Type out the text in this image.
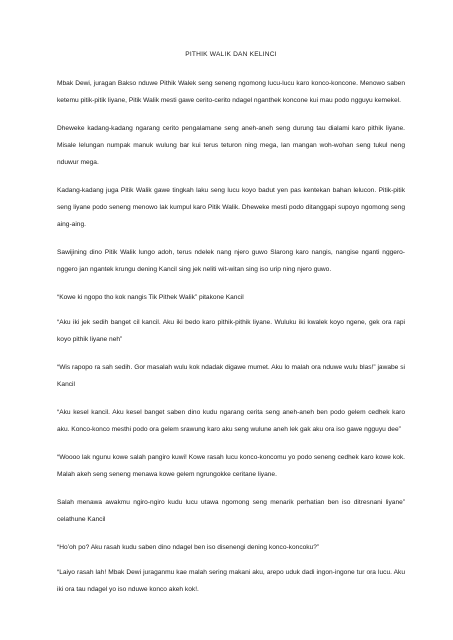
PITHIK WALIK DAN KELINCI

Mbak Dewi, juragan Bakso nduwe Pithik Walek seng seneng ngomong lucu-lucu karo konco-koncone. Menowo saben ketemu pitik-pitik liyane, Pitik Walik mesti gawe cerito-cerito ndagel nganthek koncone kui mau podo ngguyu kemekel.

Dheweke kadang-kadang ngarang cerito pengalamane seng aneh-aneh seng durung tau dialami karo pithik liyane. Misale lelungan numpak manuk wulung bar kui terus teturon ning mega, lan mangan woh-wohan seng tukul neng nduwur mega.

Kadang-kadang juga Pitik Walik gawe tingkah laku seng lucu koyo badut yen pas kentekan bahan lelucon. Pitik-pitik seng liyane podo seneng menowo lak kumpul karo Pitik Walik. Dheweke mesti podo ditanggapi supoyo ngomong seng aing-aing.

Sawijining dino Pitik Walik lungo adoh, terus ndelek nang njero guwo Slarong karo nangis, nangise nganti nggero-nggero jan ngantek krungu dening Kancil sing jek neliti wit-witan sing iso urip ning njero guwo.

“Kowe ki ngopo tho kok nangis Tik Pithek Walik” pitakone Kancil

“Aku iki jek sedih banget cil kancil. Aku iki bedo karo pithik-pithik liyane. Wuluku iki kwalek koyo ngene, gek ora rapi koyo pithik liyane neh”

“Wis rapopo ra sah sedih. Gor masalah wulu kok ndadak digawe mumet. Aku lo malah ora nduwe wulu blas!” jawabe si Kancil

“Aku kesel kancil. Aku kesel banget saben dino kudu ngarang cerita seng aneh-aneh ben podo gelem cedhek karo aku. Konco-konco mesthi podo ora gelem srawung karo aku seng wulune aneh lek gak aku ora iso gawe ngguyu dee”

“Woooo lak ngunu kowe salah pangiro kuwi! Kowe rasah lucu konco-koncomu yo podo seneng cedhek karo kowe kok. Malah akeh seng seneng menawa kowe gelem ngrungokke ceritane liyane.

Salah menawa awakmu ngiro-ngiro kudu lucu utawa ngomong seng menarik perhatian ben iso ditresnani liyane” celathune Kancil

“Ho’oh po? Aku rasah kudu saben dino ndagel ben iso disenengi dening konco-koncoku?”

“Laiyo rasah lah! Mbak Dewi juraganmu kae malah sering makani aku, arepo uduk dadi ingon-ingone tur ora lucu. Aku iki ora tau ndagel yo iso nduwe konco akeh kok!.
